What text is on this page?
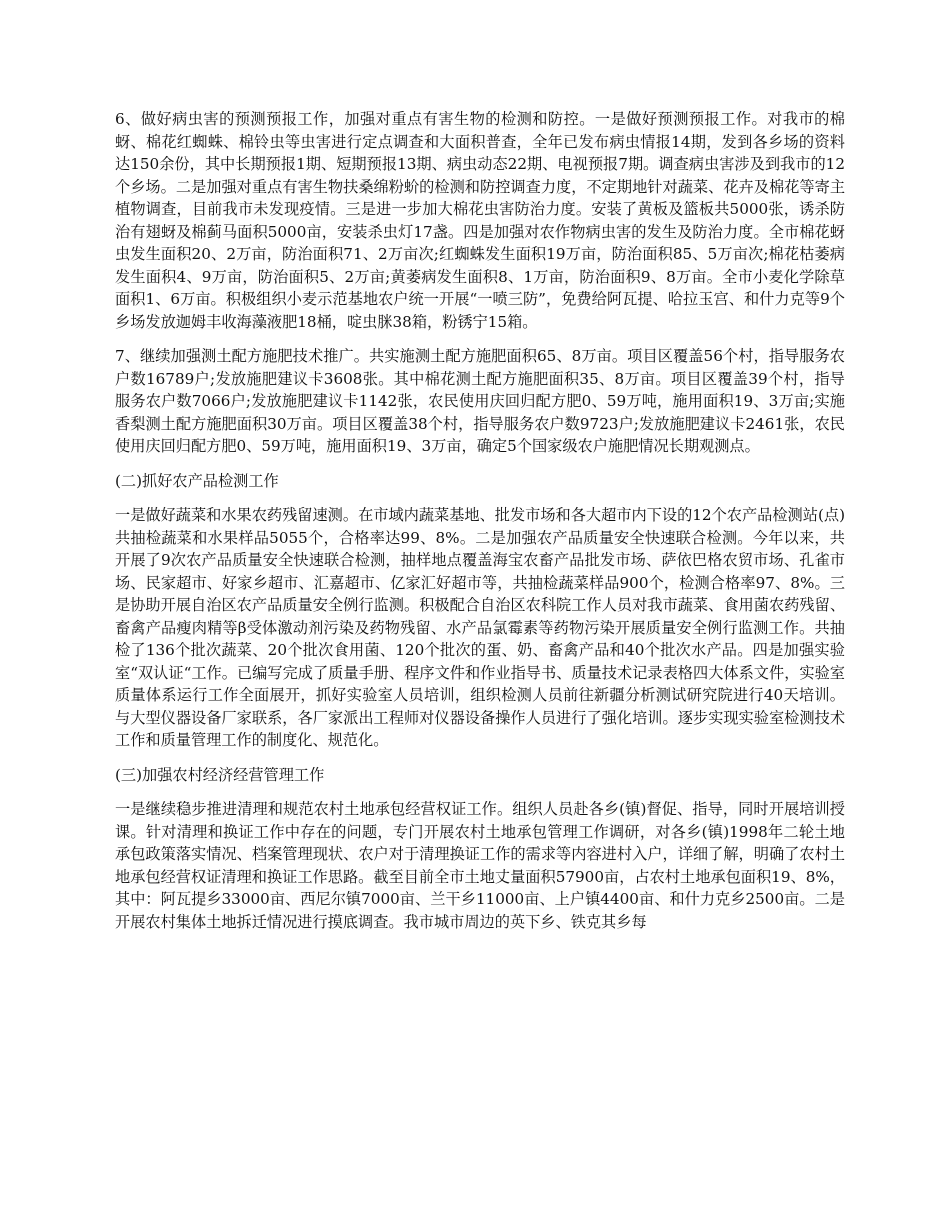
6、做好病虫害的预测预报工作，加强对重点有害生物的检测和防控。一是做好预测预报工作。对我市的棉蚜、棉花红蜘蛛、棉铃虫等虫害进行定点调查和大面积普查，全年已发布病虫情报14期，发到各乡场的资料达150余份，其中长期预报1期、短期预报13期、病虫动态22期、电视预报7期。调查病虫害涉及到我市的12个乡场。二是加强对重点有害生物扶桑绵粉蚧的检测和防控调查力度，不定期地针对蔬菜、花卉及棉花等寄主植物调查，目前我市未发现疫情。三是进一步加大棉花虫害防治力度。安装了黄板及篮板共5000张，诱杀防治有翅蚜及棉蓟马面积5000亩，安装杀虫灯17盏。四是加强对农作物病虫害的发生及防治力度。全市棉花蚜虫发生面积20、2万亩，防治面积71、2万亩次;红蜘蛛发生面积19万亩，防治面积85、5万亩次;棉花枯萎病发生面积4、9万亩，防治面积5、2万亩;黄萎病发生面积8、1万亩，防治面积9、8万亩。全市小麦化学除草面积1、6万亩。积极组织小麦示范基地农户统一开展“一喷三防”，免费给阿瓦提、哈拉玉宫、和什力克等9个乡场发放迦姆丰收海藻液肥18桶，啶虫脒38箱，粉锈宁15箱。

7、继续加强测土配方施肥技术推广。共实施测土配方施肥面积65、8万亩。项目区覆盖56个村，指导服务农户数16789户;发放施肥建议卡3608张。其中棉花测土配方施肥面积35、8万亩。项目区覆盖39个村，指导服务农户数7066户;发放施肥建议卡1142张，农民使用庆回归配方肥0、59万吨，施用面积19、3万亩;实施香梨测土配方施肥面积30万亩。项目区覆盖38个村，指导服务农户数9723户;发放施肥建议卡2461张，农民使用庆回归配方肥0、59万吨，施用面积19、3万亩，确定5个国家级农户施肥情况长期观测点。

(二)抓好农产品检测工作

一是做好蔬菜和水果农药残留速测。在市域内蔬菜基地、批发市场和各大超市内下设的12个农产品检测站(点)共抽检蔬菜和水果样品5055个，合格率达99、8%。二是加强农产品质量安全快速联合检测。今年以来，共开展了9次农产品质量安全快速联合检测，抽样地点覆盖海宝农畜产品批发市场、萨依巴格农贸市场、孔雀市场、民家超市、好家乡超市、汇嘉超市、亿家汇好超市等，共抽检蔬菜样品900个，检测合格率97、8%。三是协助开展自治区农产品质量安全例行监测。积极配合自治区农科院工作人员对我市蔬菜、食用菌农药残留、畜禽产品瘦肉精等β受体激动剂污染及药物残留、水产品氯霉素等药物污染开展质量安全例行监测工作。共抽检了136个批次蔬菜、20个批次食用菌、120个批次的蛋、奶、畜禽产品和40个批次水产品。四是加强实验室“双认证“工作。已编写完成了质量手册、程序文件和作业指导书、质量技术记录表格四大体系文件，实验室质量体系运行工作全面展开，抓好实验室人员培训，组织检测人员前往新疆分析测试研究院进行40天培训。与大型仪器设备厂家联系，各厂家派出工程师对仪器设备操作人员进行了强化培训。逐步实现实验室检测技术工作和质量管理工作的制度化、规范化。

(三)加强农村经济经营管理工作

一是继续稳步推进清理和规范农村土地承包经营权证工作。组织人员赴各乡(镇)督促、指导，同时开展培训授课。针对清理和换证工作中存在的问题，专门开展农村土地承包管理工作调研，对各乡(镇)1998年二轮土地承包政策落实情况、档案管理现状、农户对于清理换证工作的需求等内容进村入户，详细了解，明确了农村土地承包经营权证清理和换证工作思路。截至目前全市土地丈量面积57900亩，占农村土地承包面积19、8%，其中：阿瓦提乡33000亩、西尼尔镇7000亩、兰干乡11000亩、上户镇4400亩、和什力克乡2500亩。二是开展农村集体土地拆迁情况进行摸底调查。我市城市周边的英下乡、铁克其乡每
